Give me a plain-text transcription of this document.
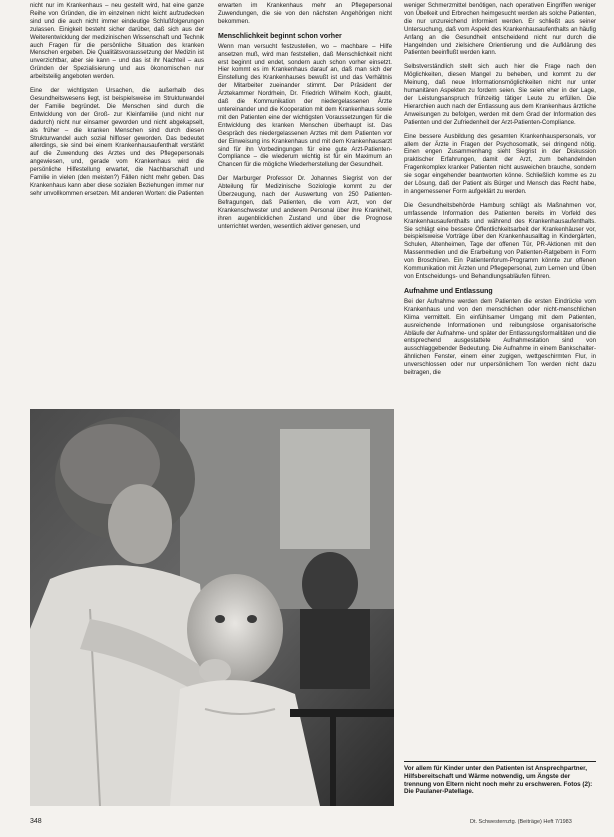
nicht nur im Krankenhaus – neu gestellt wird, hat eine ganze Reihe von Gründen, die im einzelnen nicht leicht aufzudecken sind und die auch nicht immer eindeutige Schlußfolgerungen zulassen. Einigkeit besteht sicher darüber, daß sich aus der Weiterentwicklung der medizinischen Wissenschaft und Technik auch Fragen für die persönliche Situation des kranken Menschen ergeben. Die Qualitätsvoraussetzung der Medizin ist unverzichtbar, aber sie kann – und das ist ihr Nachteil – aus Gründen der Spezialisierung und aus ökonomischen nur arbeitsteilig angeboten werden.

Eine der wichtigsten Ursachen, die außerhalb des Gesundheitswesens liegt, ist beispielsweise im Strukturwandel der Familie begründet. Die Menschen sind durch die Entwicklung von der Groß- zur Kleinfamilie (und nicht nur dadurch) nicht nur einsamer geworden und nicht abgekapselt, als früher – die kranken Menschen sind durch diesen Strukturwandel auch sozial hilfloser geworden. Das bedeutet allerdings, sie sind bei einem Krankenhausaufenthalt verstärkt auf die Zuwendung des Arztes und des Pflegepersonals angewiesen, und, gerade vom Krankenhaus wird die persönliche Hilfestellung erwartet, die Nachbarschaft und Familie in vielen (den meisten?) Fällen nicht mehr geben. Das Krankenhaus kann aber diese sozialen Beziehungen immer nur sehr unvollkommen ersetzen. Mit anderen Worten: die Patienten

erwarten im Krankenhaus mehr an Pflegepersonal Zuwendungen, die sie von den nächsten Angehörigen nicht bekommen.

Menschlichkeit beginnt schon vorher

Wenn man versucht festzustellen, wo – machbare – Hilfe ansetzen muß, wird man feststellen, daß Menschlichkeit nicht erst beginnt und endet, sondern auch schon vorher einsetzt. Hier kommt es im Krankenhaus darauf an, daß man sich der Einstellung des Krankenhauses bewußt ist und das Verhältnis der Mitarbeiter zueinander stimmt. Der Präsident der Ärztekammer Nordrhein, Dr. Friedrich Wilhelm Koch, glaubt, daß die Kommunikation der niedergelassenen Ärzte untereinander und die Kooperation mit dem Krankenhaus sowie mit den Patienten eine der wichtigsten Voraussetzungen für die Entwicklung des kranken Menschen überhaupt ist. Das Gespräch des niedergelassenen Arztes mit dem Patienten vor der Einweisung ins Krankenhaus und mit dem Krankenhausarzt sind für ihn Vorbedingungen für eine gute Arzt-Patienten-Compliance – die wiederum wichtig ist für ein Maximum an Chancen für die mögliche Wiederherstellung der Gesundheit.

Der Marburger Professor Dr. Johannes Siegrist von der Abteilung für Medizinische Soziologie kommt zu der Überzeugung, nach der Auswertung von 250 Patienten-Befragungen, daß Patienten, die vom Arzt, von der Krankenschwester und anderem Personal über ihre Krankheit, ihren augenblicklichen Zustand und über die Prognose unterrichtet werden, wesentlich aktiver genesen, und

weniger Schmerzmittel benötigen, nach operativen Eingriffen weniger von Übelkeit und Erbrechen heimgesucht werden als solche Patienten, die nur unzureichend informiert werden. Er schließt aus seiner Untersuchung, daß vom Aspekt des Krankenhausaufenthalts an häufig Anfang an die Gesundheit entscheidend nicht nur durch die Hangelnden und zielsichere Orientierung und die Aufklärung des Patienten beeinflußt werden kann.

Selbstverständlich stellt sich auch hier die Frage nach den Möglichkeiten, diesen Mangel zu beheben, und kommt zu der Meinung, daß neue Informationsmöglichkeiten nicht nur unter humanitären Aspekten zu fordern seien. Sie seien eher in der Lage, der Leistungsanspruch frühzeitig tätiger Leute zu erfüllen. Die Hierarchien auch nach der Entlassung aus dem Krankenhaus ärztliche Anweisungen zu befolgen, werden mit dem Grad der Information des Patienten und der Zufriedenheit der Arzt-Patienten-Compliance.

Eine bessere Ausbildung des gesamten Krankenhauspersonals, vor allem der Ärzte in Fragen der Psychosomatik, sei dringend nötig. Einen engen Zusammenhang sieht Siegrist in der Diskussion praktischer Erfahrungen, damit der Arzt, zum behandelnden Fragenkomplex kranker Patienten nicht ausweichen brauche, sondern sie sogar eingehender beantworten könne. Schließlich komme es zu der Lösung, daß der Patient als Bürger und Mensch das Recht habe, in angemessener Form aufgeklärt zu werden.

Die Gesundheitsbehörde Hamburg schlägt als Maßnahmen vor, umfassende Information des Patienten bereits im Vorfeld des Krankenhausaufenthalts und während des Krankenhausaufenthalts. Sie schlägt eine bessere Öffentlichkeitsarbeit der Krankenhäuser vor, beispielsweise Vorträge über den Krankenhausalltag in Kindergärten, Schulen, Altenheimen, Tage der offenen Tür, PR-Aktionen mit den Massenmedien und die Erarbeitung von Patienten-Ratgebern in Form von Broschüren. Ein Patientenforum-Programm könnte zur offenen Kommunikation mit Ärzten und Pflegepersonal, zum Lernen und Üben von Entscheidungs- und Behandlungsabläufen führen.

Aufnahme und Entlassung

Bei der Aufnahme werden dem Patienten die ersten Eindrücke vom Krankenhaus und von den menschlichen oder nicht-menschlichen Klima vermittelt. Ein einfühlsamer Umgang mit dem Patienten, ausreichende Informationen und reibungslose organisatorische Abläufe der Aufnahme- und später der Entlassungsformalitäten und die entsprechend ausgestattete Aufnahmestation sind von ausschlaggebender Bedeutung. Die Aufnahme in einem Bankschalter-ähnlichen Fenster, einem einer zugigen, wettgeschirmten Flur, in unverschlossen oder nur unpersönlichem Ton werden nicht dazu beitragen, die

Vor allem für Kinder unter den Patienten ist Ansprechpartner, Hilfsbereitschaft und Wärme notwendig, um Ängste der trennung von Eltern nicht noch mehr zu erschweren. Fotos (2): Die Paulaner-Patellage.

348	Dt. Schwesternztg. (Beiträge) Heft 7/1983
